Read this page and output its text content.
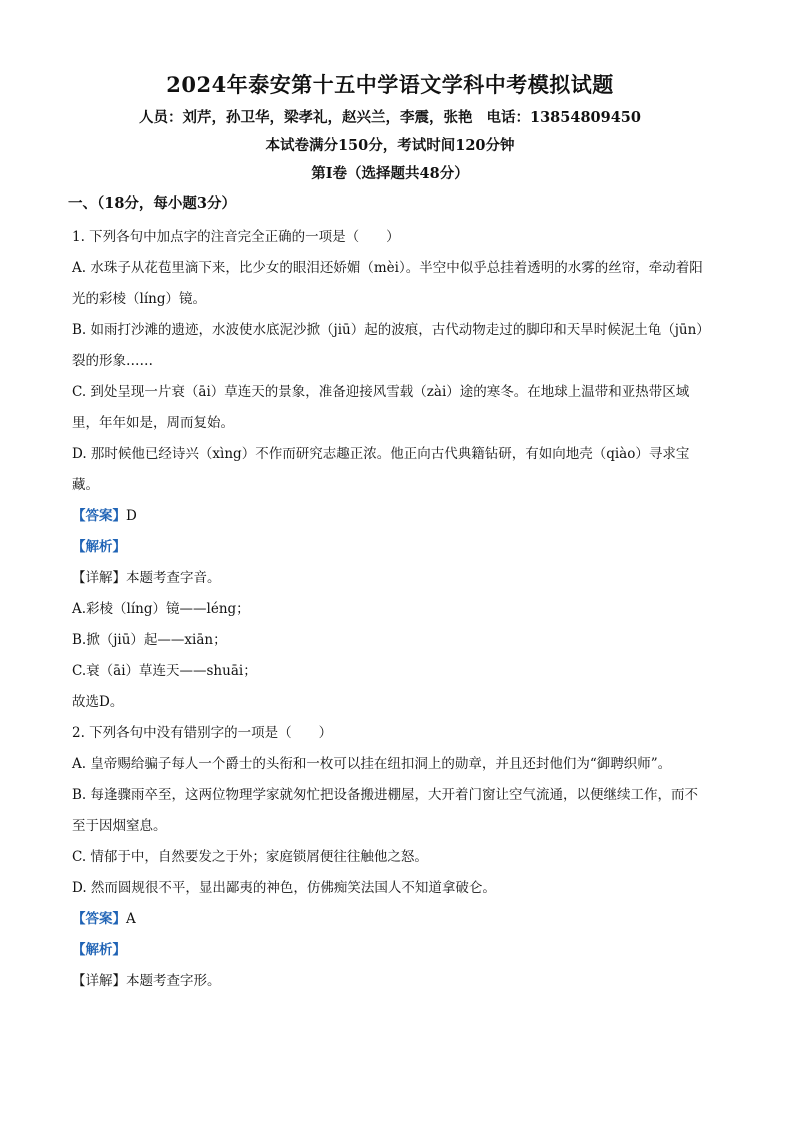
2024年泰安第十五中学语文学科中考模拟试题

人员：刘芹，孙卫华，梁孝礼，赵兴兰，李震，张艳 电话：13854809450

本试卷满分150分，考试时间120分钟

第Ⅰ卷（选择题共48分）

一、（18分，每小题3分）

1. 下列各句中加点字的注音完全正确的一项是（　　）

A. 水珠子从花苞里滴下来，比少女的眼泪还娇媚（mèi）。半空中似乎总挂着透明的水雾的丝帘，牵动着阳光的彩棱（líng）镜。

B. 如雨打沙滩的遗迹，水波使水底泥沙掀（jiū）起的波痕，古代动物走过的脚印和天旱时候泥土龟（jūn）裂的形象……

C. 到处呈现一片衰（āi）草连天的景象，准备迎接风雪载（zài）途的寒冬。在地球上温带和亚热带区域里，年年如是，周而复始。

D. 那时候他已经诗兴（xìng）不作而研究志趣正浓。他正向古代典籍钻研，有如向地壳（qiào）寻求宝藏。

【答案】D

【解析】

【详解】本题考查字音。

A.彩棱（líng）镜——léng；

B.掀（jiū）起——xiān；

C.衰（āi）草连天——shuāi；

故选D。

2. 下列各句中没有错别字的一项是（　　）

A. 皇帝赐给骗子每人一个爵士的头衔和一枚可以挂在纽扣洞上的勋章，并且还封他们为“御聘织师”。

B. 每逢骤雨卒至，这两位物理学家就匆忙把设备搬进棚屋，大开着门窗让空气流通，以便继续工作，而不至于因烟窒息。

C. 情郁于中，自然要发之于外；家庭锁屑便往往触他之怒。

D. 然而圆规很不平，显出鄙夷的神色，仿佛痴笑法国人不知道拿破仑。

【答案】A

【解析】

【详解】本题考查字形。
